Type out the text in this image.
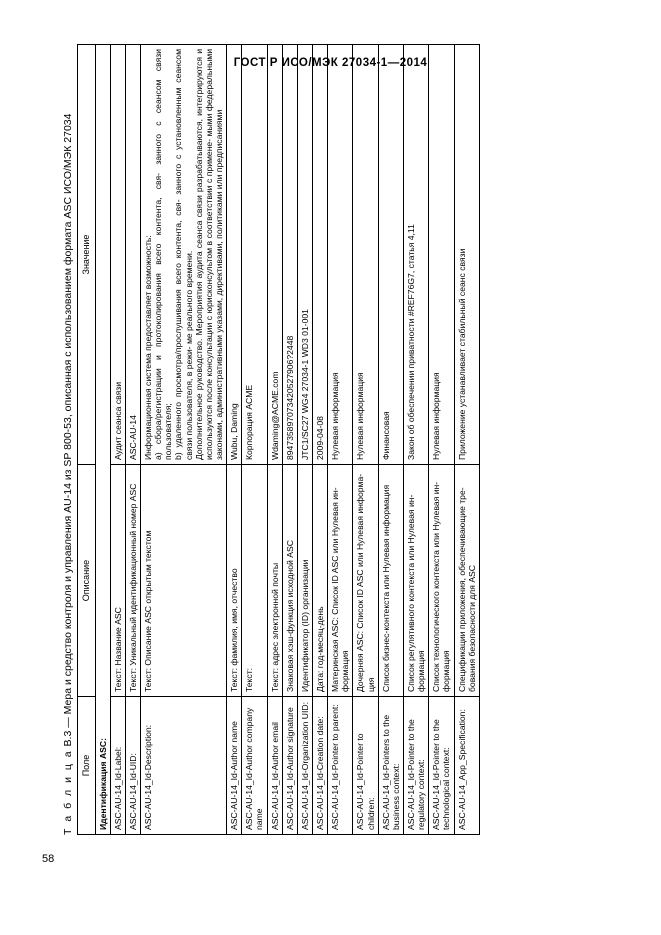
ГОСТ Р ИСО/МЭК 27034-1—2014
58
Т а б л и ц а В.3 — Мера и средство контроля и управления AU-14 из SP 800-53, описанная с использованием формата ASC ИСО/МЭК 27034
Поле	Описание	Значение
Идентификация ASC:		
ASC-AU-14_Id-Label:	Текст: Название ASC	Аудит сеанса связи
ASC-AU-14_Id-UID:	Текст: Уникальный идентификационный номер ASC	ASC-AU-14
ASC-AU-14_Id-Description:	Текст: Описание ASC открытым текстом	Информационная система предоставляет возможность:
a) сбора/регистрации и протоколирования всего контента, свя- занного с сеансом связи пользователя;
b) удаленного просмотра/прослушивания всего контента, свя- занного с установленным сеансом связи пользователя, в режи- ме реального времени.
Дополнительное руководство. Мероприятия аудита сеанса связи разрабатываются, интегрируются и используются после консультации с юрисконсультом в соответствии с примене- мыми федеральными законами, административными указами, директивами, политиками или предписаниями
ASC-AU-14_Id-Author name	Текст: фамилия, имя, отчество	Wubu, Daming
ASC-AU-14_Id-Author company name	Текст:	Корпорация ACME
ASC-AU-14_Id-Author email	Текст: адрес электронной почты	Wdaming@ACME.com
ASC-AU-14_Id-Author signature	Знаковая хэш-функция исходной ASC	894735897073420527906?2448
ASC-AU-14_Id-Organization UID:	Идентификатор (ID) организации	JTC1/SC27 WG4 27034-1 WD3 01-001
ASC-AU-14_Id-Creation date:	Дата: год-месяц-день	2009-04-08
ASC-AU-14_Id-Pointer to parent:	Материнская ASC: Список ID ASC или Нулевая ин- формация	Нулевая информация
ASC-AU-14_Id-Pointer to children:	Дочерняя ASC: Список ID ASC или Нулевая информа- ция	Нулевая информация
ASC-AU-14_Id-Pointers to the business context:	Список бизнес-контекста или Нулевая информация	Финансовая
ASC-AU-14_Id-Pointer to the regulatory context:	Список регулятивного контекста или Нулевая ин- формация	Закон об обеспечении приватности #REF76G7, статья 4,11
ASC-AU-14_Id-Pointer to the technological context:	Список технологического контекста или Нулевая ин- формация	Нулевая информация
ASC-AU-14_App_Specification:	Спецификации приложения, обеспечивающие тре- бования безопасности для ASC	Приложение устанавливает стабильный сеанс связи
